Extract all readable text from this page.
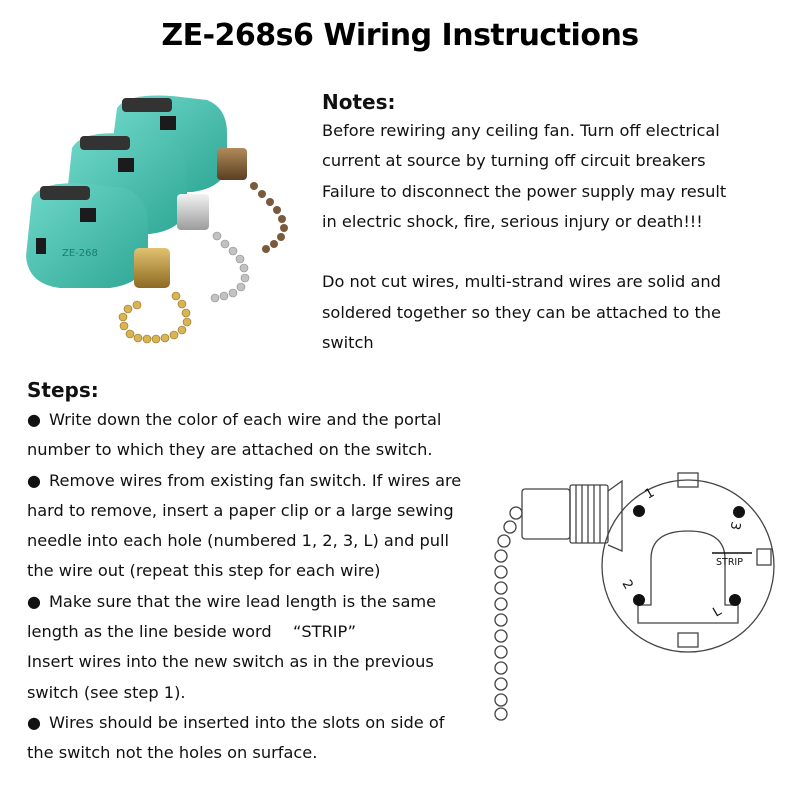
ZE-268s6 Wiring Instructions
ZE-268
Notes:
Before rewiring any ceiling fan. Turn off electrical
current at source by turning off circuit breakers
Failure to disconnect the power supply may result
in electric shock, fire, serious injury or death!!!
Do not cut wires, multi-strand wires are solid and
soldered together so they can be attached to the
switch
Steps:
● Write down the color of each wire and the portal
number to which they are attached on the switch.
● Remove wires from existing fan switch. If wires are
hard to remove, insert a paper clip or a large sewing
needle into each hole (numbered 1, 2, 3, L) and pull
the wire out (repeat this step for each wire)
● Make sure that the wire lead length is the same
length as the line beside word 　“STRIP”
Insert wires into the new switch as in the previous
switch (see step 1).
● Wires should be inserted into the slots on side of
the switch not the holes on surface.
1
3
2
L
STRIP
